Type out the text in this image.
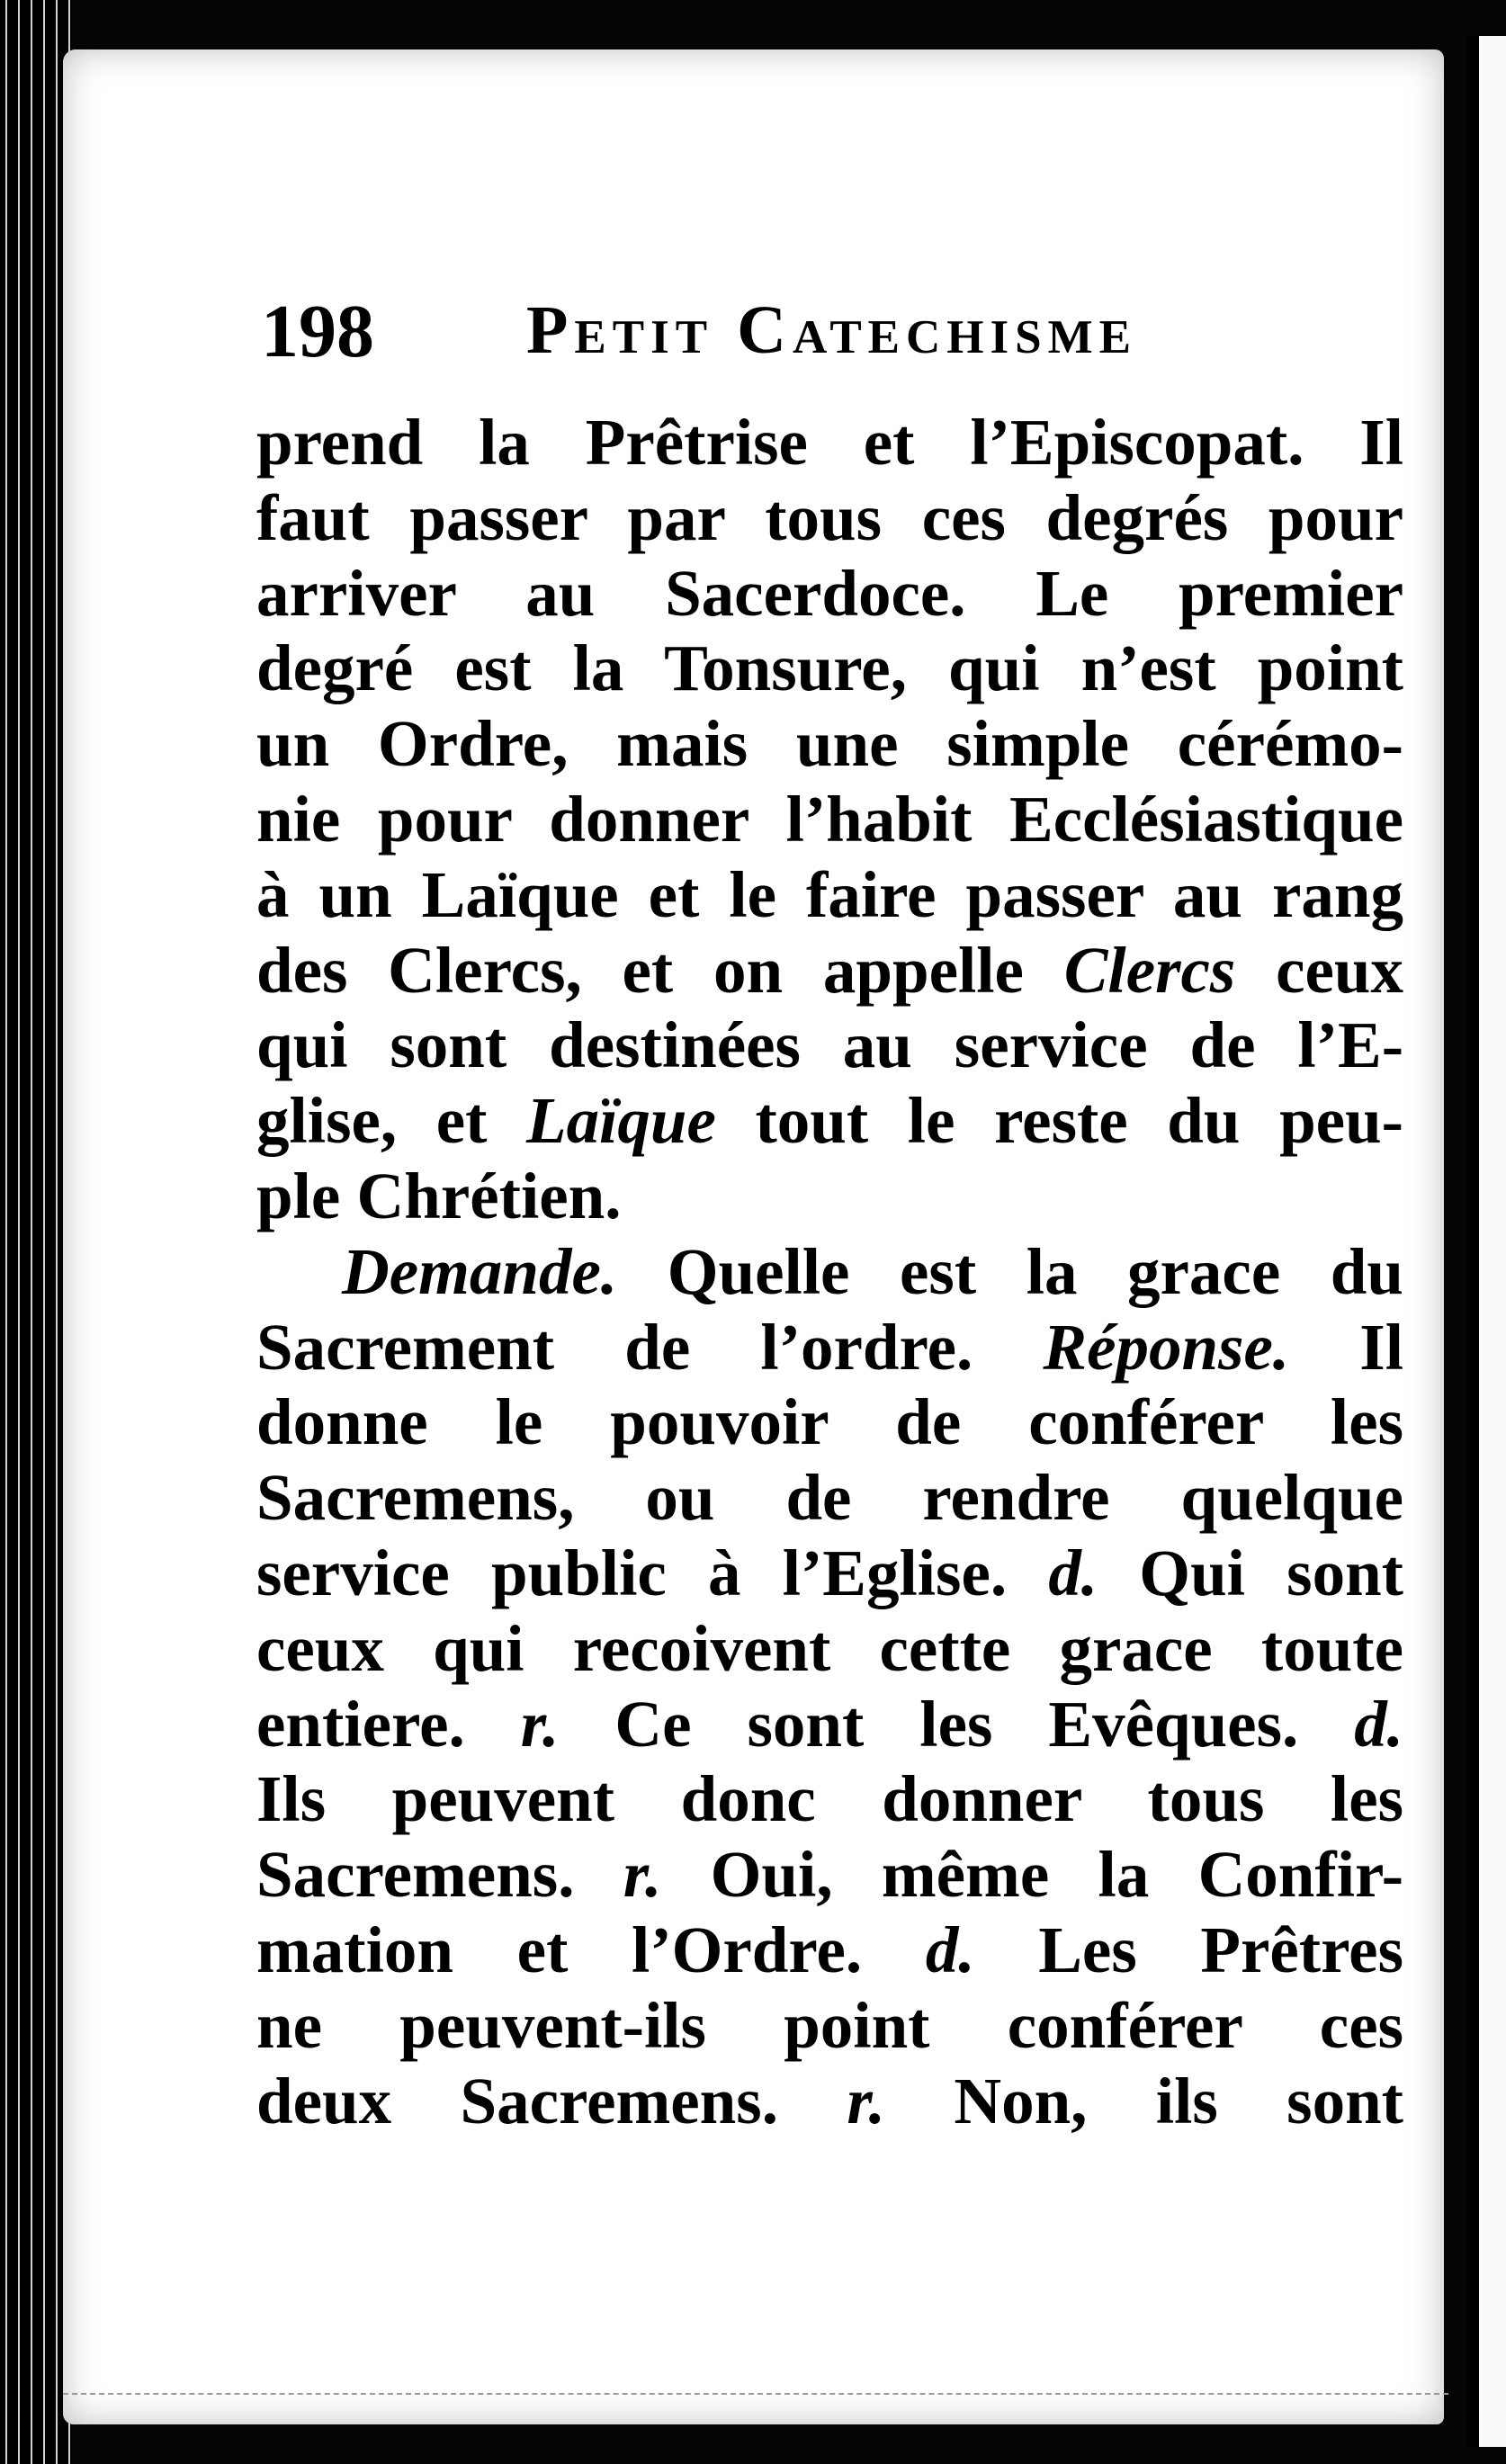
198 Petit Catechisme
prend la Prêtrise et l’Episcopat. Il
faut passer par tous ces degrés pour
arriver au Sacerdoce. Le premier
degré est la Tonsure, qui n’est point
un Ordre, mais une simple cérémo-
nie pour donner l’habit Ecclésiastique
à un Laïque et le faire passer au rang
des Clercs, et on appelle Clercs ceux
qui sont destinées au service de l’E-
glise, et Laïque tout le reste du peu-
ple Chrétien.
Demande. Quelle est la grace du
Sacrement de l’ordre. Réponse. Il
donne le pouvoir de conférer les
Sacremens, ou de rendre quelque
service public à l’Eglise. d. Qui sont
ceux qui recoivent cette grace toute
entiere. r. Ce sont les Evêques. d.
Ils peuvent donc donner tous les
Sacremens. r. Oui, même la Confir-
mation et l’Ordre. d. Les Prêtres
ne peuvent-ils point conférer ces
deux Sacremens. r. Non, ils sont
